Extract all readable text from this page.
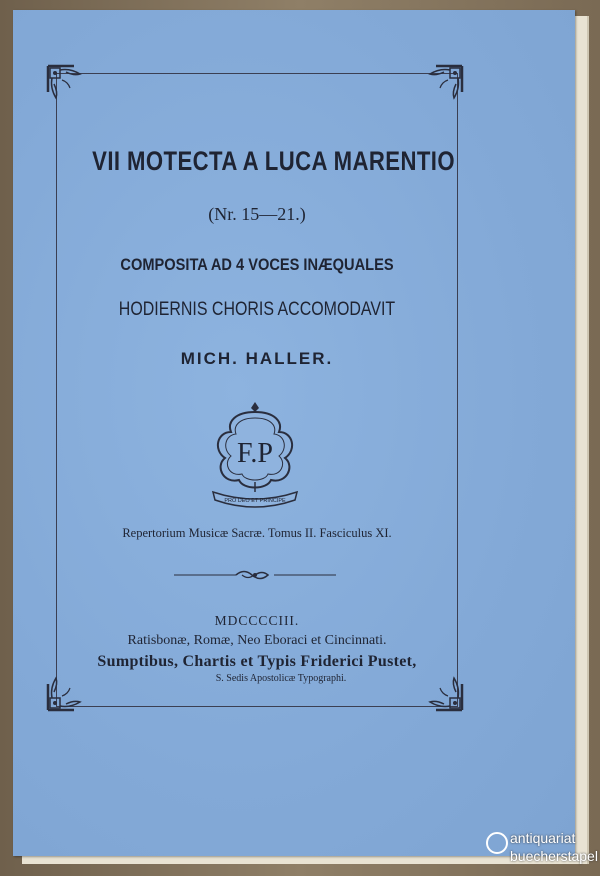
VII MOTECTA A LUCA MARENTIO
(Nr. 15—21.)
COMPOSITA AD 4 VOCES INÆQUALES
HODIERNIS CHORIS ACCOMODAVIT
MICH. HALLER.
F.P
PRO DEO ET PRINCIPE
Repertorium Musicæ Sacræ. Tomus II. Fasciculus XI.
MDCCCCIII.
Ratisbonæ, Romæ, Neo Eboraci et Cincinnati.
Sumptibus, Chartis et Typis Friderici Pustet,
S. Sedis Apostolicæ Typographi.
antiquariat
buecherstapel
